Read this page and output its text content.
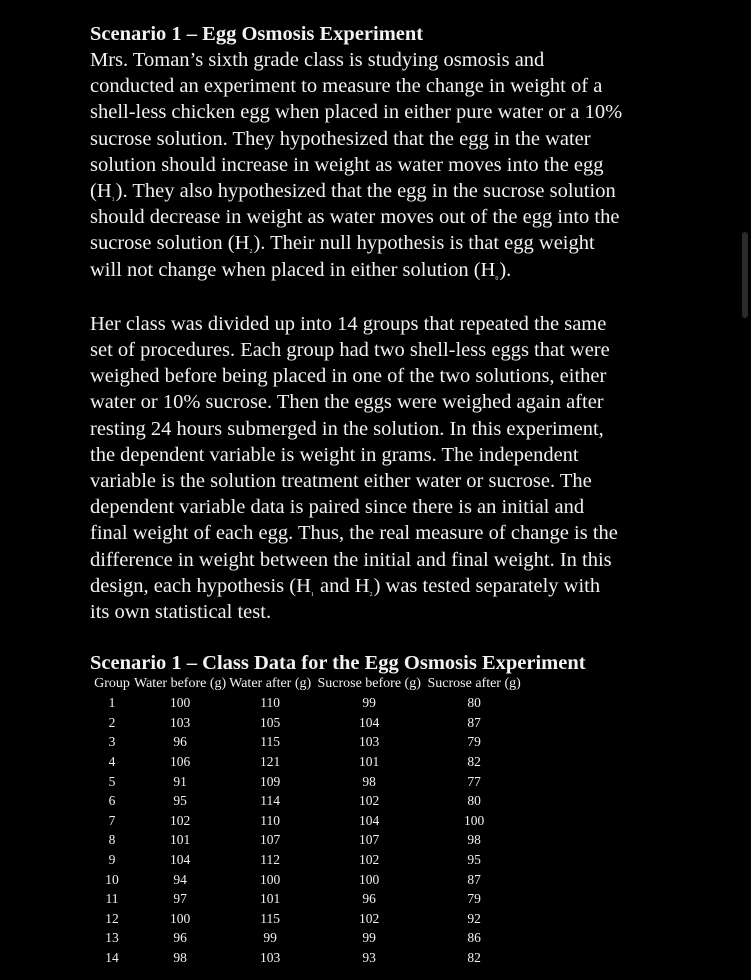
Scenario 1 – Egg Osmosis Experiment

Mrs. Toman’s sixth grade class is studying osmosis and
conducted an experiment to measure the change in weight of a
shell-less chicken egg when placed in either pure water or a 10%
sucrose solution. They hypothesized that the egg in the water
solution should increase in weight as water moves into the egg
$(H_1)$. They also hypothesized that the egg in the sucrose solution
should decrease in weight as water moves out of the egg into the
sucrose solution $(H_2)$. Their null hypothesis is that egg weight
will not change when placed in either solution $(H_0)$.

Her class was divided up into 14 groups that repeated the same
set of procedures. Each group had two shell-less eggs that were
weighed before being placed in one of the two solutions, either
water or 10% sucrose. Then the eggs were weighed again after
resting 24 hours submerged in the solution. In this experiment,
the dependent variable is weight in grams. The independent
variable is the solution treatment either water or sucrose. The
dependent variable data is paired since there is an initial and
final weight of each egg. Thus, the real measure of change is the
difference in weight between the initial and final weight. In this
design, each hypothesis ($H_1$ and $H_2$) was tested separately with
its own statistical test.

Scenario 1 – Class Data for the Egg Osmosis Experiment
Group	Water before (g)	Water after (g)	Sucrose before (g)	Sucrose after (g)
1	100	110	99	80
2	103	105	104	87
3	96	115	103	79
4	106	121	101	82
5	91	109	98	77
6	95	114	102	80
7	102	110	104	100
8	101	107	107	98
9	104	112	102	95
10	94	100	100	87
11	97	101	96	79
12	100	115	102	92
13	96	99	99	86
14	98	103	93	82
